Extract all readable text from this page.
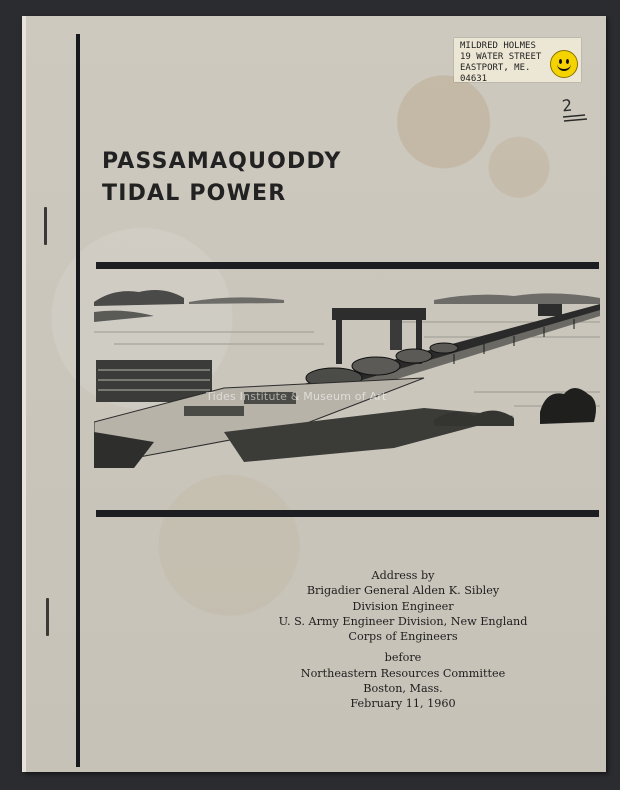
MILDRED HOLMES
19 WATER STREET
EASTPORT, ME.
04631
2
PASSAMAQUODDY
TIDAL POWER
Tides Institute & Museum of Art
Address by
Brigadier General Alden K. Sibley
Division Engineer
U. S. Army Engineer Division, New England
Corps of Engineers
before
Northeastern Resources Committee
Boston, Mass.
February 11, 1960
